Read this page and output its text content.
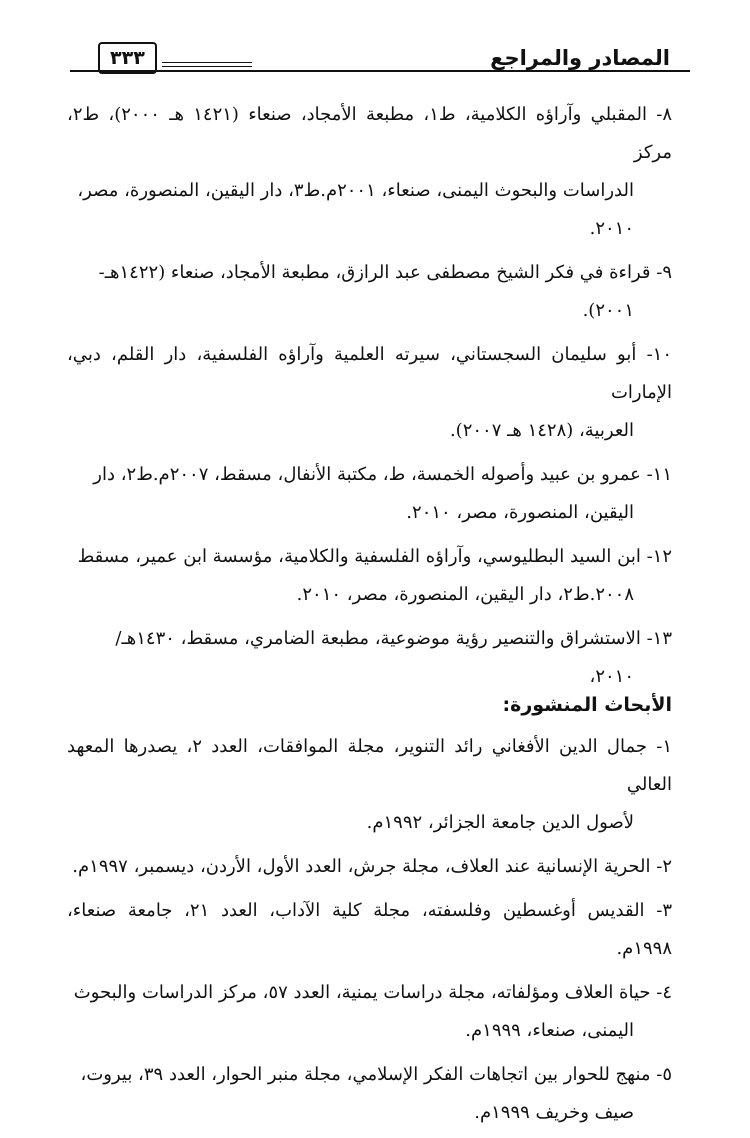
المصادر والمراجع
٣٣٣
٨- المقبلي وآراؤه الكلامية، ط١، مطبعة الأمجاد، صنعاء (١٤٢١ هـ ٢٠٠٠)، ط٢، مركز
الدراسات والبحوث اليمنى، صنعاء، ٢٠٠١م.ط٣، دار اليقين، المنصورة، مصر،
٢٠١٠.
٩- قراءة في فكر الشيخ مصطفى عبد الرازق، مطبعة الأمجاد، صنعاء (١٤٢٢هـ-
٢٠٠١).
١٠- أبو سليمان السجستاني، سيرته العلمية وآراؤه الفلسفية، دار القلم، دبي، الإمارات
العربية، (١٤٢٨ هـ ٢٠٠٧).
١١- عمرو بن عبيد وأصوله الخمسة، ط، مكتبة الأنفال، مسقط، ٢٠٠٧م.ط٢، دار
اليقين، المنصورة، مصر، ٢٠١٠.
١٢- ابن السيد البطليوسي، وآراؤه الفلسفية والكلامية، مؤسسة ابن عمير، مسقط
٢٠٠٨.ط٢، دار اليقين، المنصورة، مصر، ٢٠١٠.
١٣- الاستشراق والتنصير رؤية موضوعية، مطبعة الضامري، مسقط، ١٤٣٠هـ/
٢٠١٠،
الأبحاث المنشورة:
١- جمال الدين الأفغاني رائد التنوير، مجلة الموافقات، العدد ٢، يصدرها المعهد العالي
لأصول الدين جامعة الجزائر، ١٩٩٢م.
٢- الحرية الإنسانية عند العلاف، مجلة جرش، العدد الأول، الأردن، ديسمبر، ١٩٩٧م.
٣- القديس أوغسطين وفلسفته، مجلة كلية الآداب، العدد ٢١، جامعة صنعاء، ١٩٩٨م.
٤- حياة العلاف ومؤلفاته، مجلة دراسات يمنية، العدد ٥٧، مركز الدراسات والبحوث
اليمنى، صنعاء، ١٩٩٩م.
٥- منهج للحوار بين اتجاهات الفكر الإسلامي، مجلة منبر الحوار، العدد ٣٩، بيروت،
صيف وخريف ١٩٩٩م.
